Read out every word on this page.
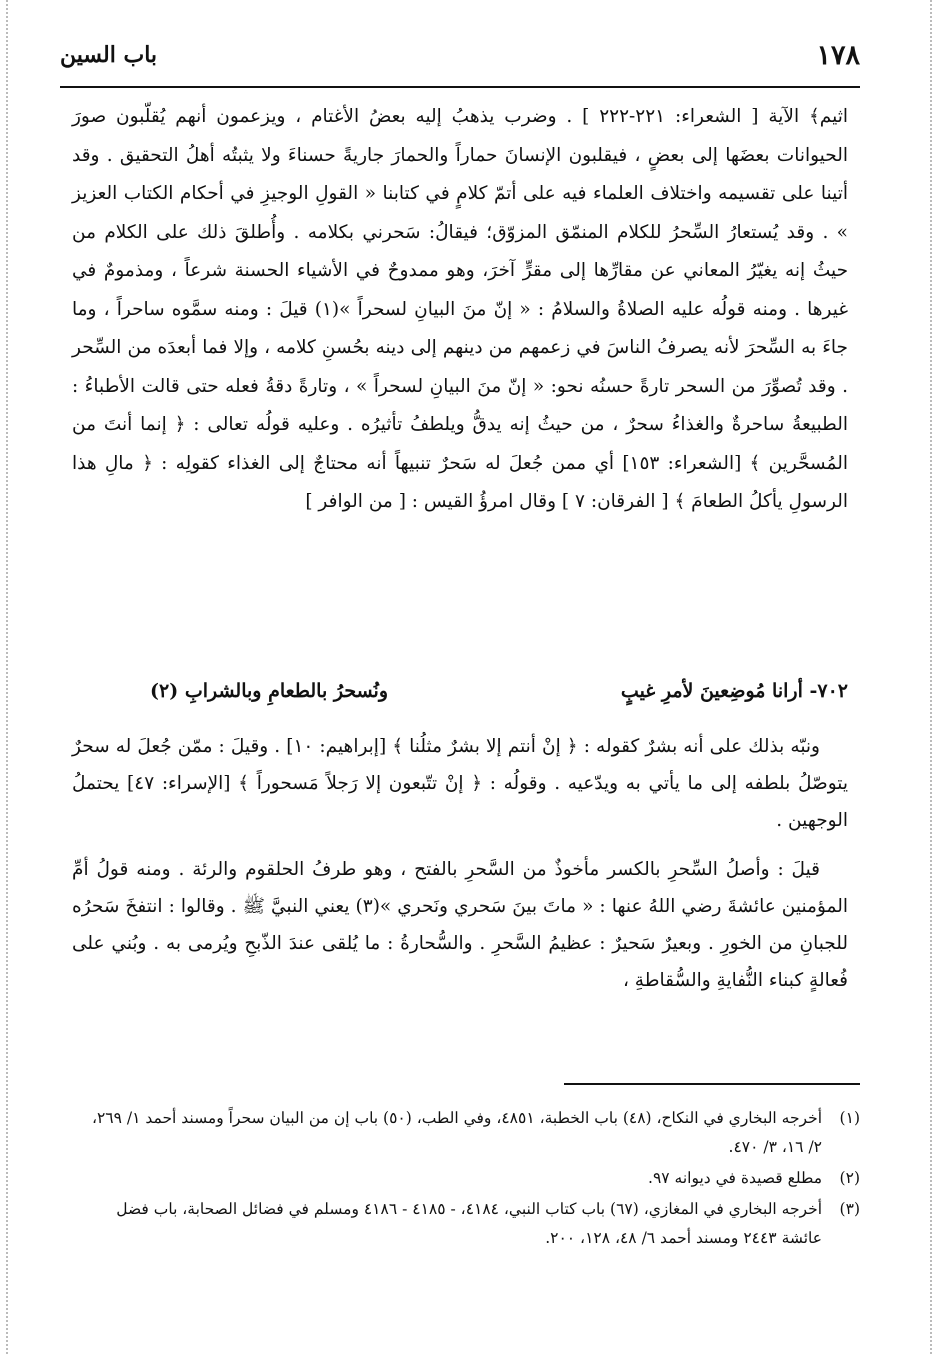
١٧٨
باب السين

اثيم﴾ الآية [ الشعراء: ٢٢١-٢٢٢ ] . وضرب يذهبُ إليه بعضُ الأغتام ، ويزعمون أنهم يُقلّبون صورَ الحيوانات بعضَها إلى بعضٍ ، فيقلبون الإنسانَ حماراً والحمارَ جاريةً حسناءَ ولا يثبتُه أهلُ التحقيق . وقد أتينا على تقسيمه واختلاف العلماء فيه على أتمّ كلامٍ في كتابنا « القولِ الوجيزِ في أحكام الكتاب العزيز » . وقد يُستعارُ السِّحرُ للكلام المنمّق المزوّق؛ فيقالُ: سَحرني بكلامه . وأُطلقَ ذلك على الكلام من حيثُ إنه يغيّرُ المعاني عن مقارِّها إلى مقرٍّ آخرَ، وهو ممدوحٌ في الأشياء الحسنة شرعاً ، ومذمومٌ في غيرها . ومنه قولُه عليه الصلاةُ والسلامُ : « إنّ منَ البيانِ لسحراً »(١) قيلَ : ومنه سمَّوه ساحراً ، وما جاءَ به السِّحرَ لأنه يصرفُ الناسَ في زعمهم من دينهم إلى دينه بحُسنِ كلامه ، وإلا فما أبعدَه من السِّحر . وقد تُصوِّرَ من السحر تارةً حسنُه نحو: « إنّ منَ البيانِ لسحراً » ، وتارةً دقةُ فعله حتى قالت الأطباءُ : الطبيعةُ ساحرةٌ والغذاءُ سحرٌ ، من حيثُ إنه يدقُّ ويلطفُ تأثيرُه . وعليه قولُه تعالى : ﴿ إنما أنتَ من المُسحَّرين ﴾ [الشعراء: ١٥٣] أي ممن جُعلَ له سَحرٌ تنبيهاً أنه محتاجٌ إلى الغذاء كقولِه : ﴿ مالِ هذا الرسولِ يأكلُ الطعامَ ﴾ [ الفرقان: ٧ ] وقال امرؤُ القيس : [ من الوافر ]

٧٠٢- أرانا مُوضِعينَ لأمرِ غيبٍ
ونُسحرُ بالطعامِ وبالشرابِ (٢)

ونبّه بذلك على أنه بشرٌ كقوله : ﴿ إنْ أنتم إلا بشرٌ مثلُنا ﴾ [إبراهيم: ١٠] . وقيلَ : ممّن جُعلَ له سحرٌ يتوصّلُ بلطفه إلى ما يأتي به ويدّعيه . وقولُه : ﴿ إنْ تتّبعون إلا رَجلاً مَسحوراً ﴾ [الإسراء: ٤٧] يحتملُ الوجهين .

قيلَ : وأصلُ السِّحرِ بالكسر مأخوذٌ من السَّحرِ بالفتح ، وهو طرفُ الحلقوم والرئة . ومنه قولُ أمِّ المؤمنين عائشةَ رضي اللهُ عنها : « ماتَ بينَ سَحري ونَحري »(٣) يعني النبيَّ ﷺ . وقالوا : انتفخَ سَحرُه للجبانِ من الخورِ . وبعيرٌ سَحيرٌ : عظيمُ السَّحرِ . والسُّحارةُ : ما يُلقى عندَ الذّبحِ ويُرمى به . وبُني على فُعالةٍ كبناء النُّفايةِ والسُّقاطةِ ،

(١)أخرجه البخاري في النكاح، (٤٨) باب الخطبة، ٤٨٥١، وفي الطب، (٥٠) باب إن من البيان سحراً ومسند أحمد ١/ ٢٦٩، ٢/ ١٦، ٣/ ٤٧٠.

(٢)مطلع قصيدة في ديوانه ٩٧.

(٣)أخرجه البخاري في المغازي، (٦٧) باب كتاب النبي، ٤١٨٤، - ٤١٨٥ - ٤١٨٦ ومسلم في فضائل الصحابة، باب فضل عائشة ٢٤٤٣ ومسند أحمد ٦/ ٤٨، ١٢٨، ٢٠٠.
